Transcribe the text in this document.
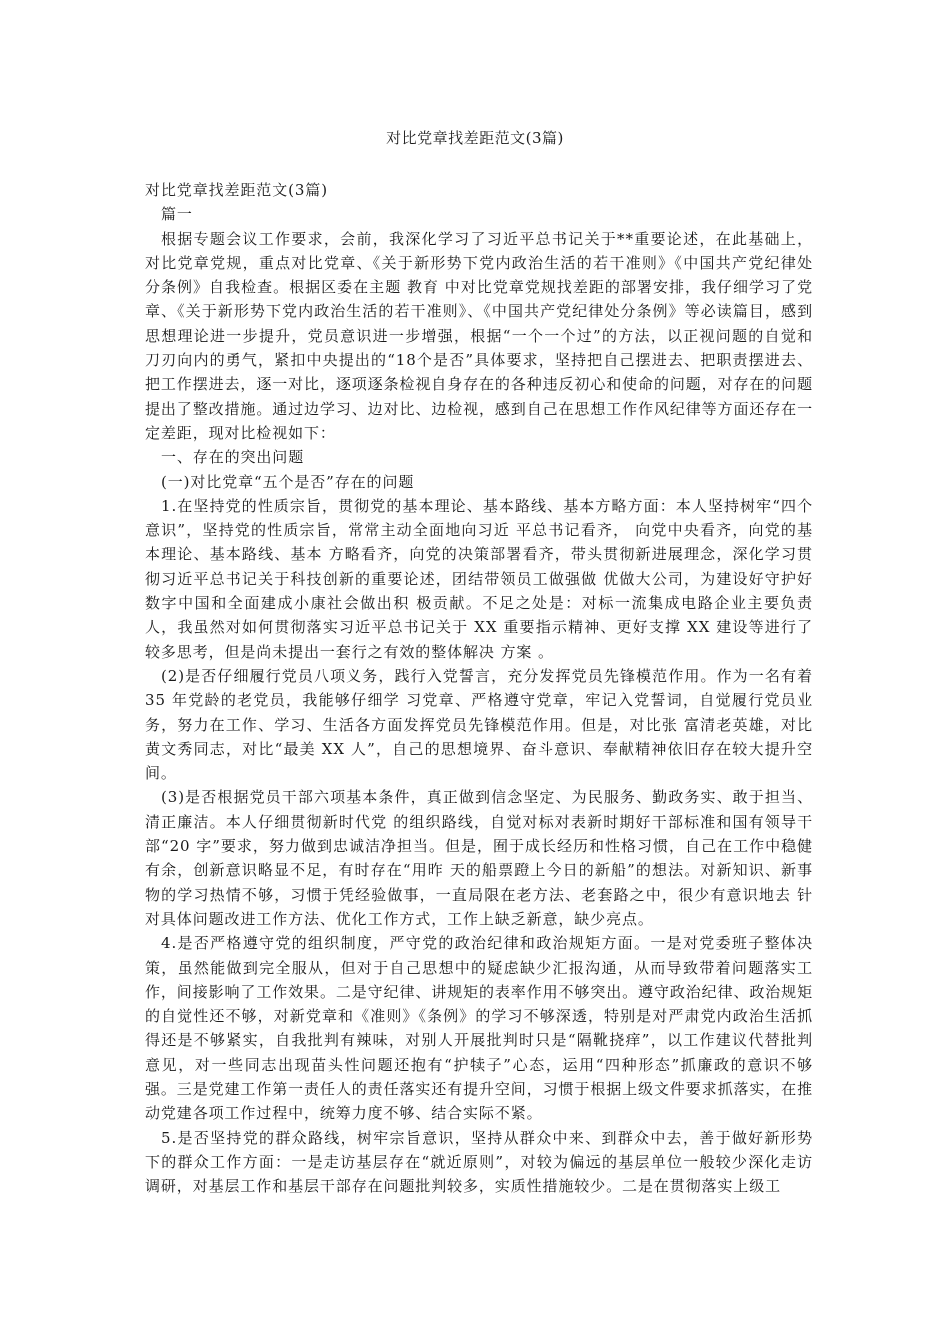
对比党章找差距范文(3篇)

对比党章找差距范文(3篇)

篇一

根据专题会议工作要求，会前，我深化学习了习近平总书记关于**重要论述，在此基础上，对比党章党规，重点对比党章、《关于新形势下党内政治生活的若干准则》《中国共产党纪律处分条例》自我检查。根据区委在主题 教育 中对比党章党规找差距的部署安排，我仔细学习了党章、《关于新形势下党内政治生活的若干准则》、《中国共产党纪律处分条例》等必读篇目，感到思想理论进一步提升，党员意识进一步增强，根据“一个一个过”的方法，以正视问题的自觉和刀刃向内的勇气，紧扣中央提出的“18个是否”具体要求，坚持把自己摆进去、把职责摆进去、把工作摆进去，逐一对比，逐项逐条检视自身存在的各种违反初心和使命的问题，对存在的问题提出了整改措施。通过边学习、边对比、边检视，感到自己在思想工作作风纪律等方面还存在一定差距，现对比检视如下：

一、存在的突出问题

(一)对比党章“五个是否”存在的问题

1.在坚持党的性质宗旨，贯彻党的基本理论、基本路线、基本方略方面：本人坚持树牢“四个意识”，坚持党的性质宗旨，常常主动全面地向习近 平总书记看齐， 向党中央看齐，向党的基本理论、基本路线、基本 方略看齐，向党的决策部署看齐，带头贯彻新进展理念，深化学习贯彻习近平总书记关于科技创新的重要论述，团结带领员工做强做 优做大公司，为建设好守护好数字中国和全面建成小康社会做出积 极贡献。不足之处是：对标一流集成电路企业主要负责人，我虽然对如何贯彻落实习近平总书记关于 XX 重要指示精神、更好支撑 XX 建设等进行了较多思考，但是尚未提出一套行之有效的整体解决 方案 。

(2)是否仔细履行党员八项义务，践行入党誓言，充分发挥党员先锋模范作用。作为一名有着 35 年党龄的老党员，我能够仔细学 习党章、严格遵守党章，牢记入党誓词，自觉履行党员业务，努力在工作、学习、生活各方面发挥党员先锋模范作用。但是，对比张 富清老英雄，对比黄文秀同志，对比“最美 XX 人”，自己的思想境界、奋斗意识、奉献精神依旧存在较大提升空间。

(3)是否根据党员干部六项基本条件，真正做到信念坚定、为民服务、勤政务实、敢于担当、清正廉洁。本人仔细贯彻新时代党 的组织路线，自觉对标对表新时期好干部标准和国有领导干部“20 字”要求，努力做到忠诚洁净担当。但是，囿于成长经历和性格习惯，自己在工作中稳健有余，创新意识略显不足，有时存在“用昨 天的船票蹬上今日的新船”的想法。对新知识、新事物的学习热情不够，习惯于凭经验做事，一直局限在老方法、老套路之中，很少有意识地去 针对具体问题改进工作方法、优化工作方式，工作上缺乏新意，缺少亮点。

4.是否严格遵守党的组织制度，严守党的政治纪律和政治规矩方面。一是对党委班子整体决策，虽然能做到完全服从，但对于自己思想中的疑虑缺少汇报沟通，从而导致带着问题落实工作，间接影响了工作效果。二是守纪律、讲规矩的表率作用不够突出。遵守政治纪律、政治规矩的自觉性还不够，对新党章和《准则》《条例》的学习不够深透，特别是对严肃党内政治生活抓得还是不够紧实，自我批判有辣味，对别人开展批判时只是“隔靴挠痒”，以工作建议代替批判意见，对一些同志出现苗头性问题还抱有“护犊子”心态，运用“四种形态”抓廉政的意识不够强。三是党建工作第一责任人的责任落实还有提升空间，习惯于根据上级文件要求抓落实，在推动党建各项工作过程中，统筹力度不够、结合实际不紧。

5.是否坚持党的群众路线，树牢宗旨意识，坚持从群众中来、到群众中去，善于做好新形势下的群众工作方面：一是走访基层存在“就近原则”，对较为偏远的基层单位一般较少深化走访调研，对基层工作和基层干部存在问题批判较多，实质性措施较少。二是在贯彻落实上级工
